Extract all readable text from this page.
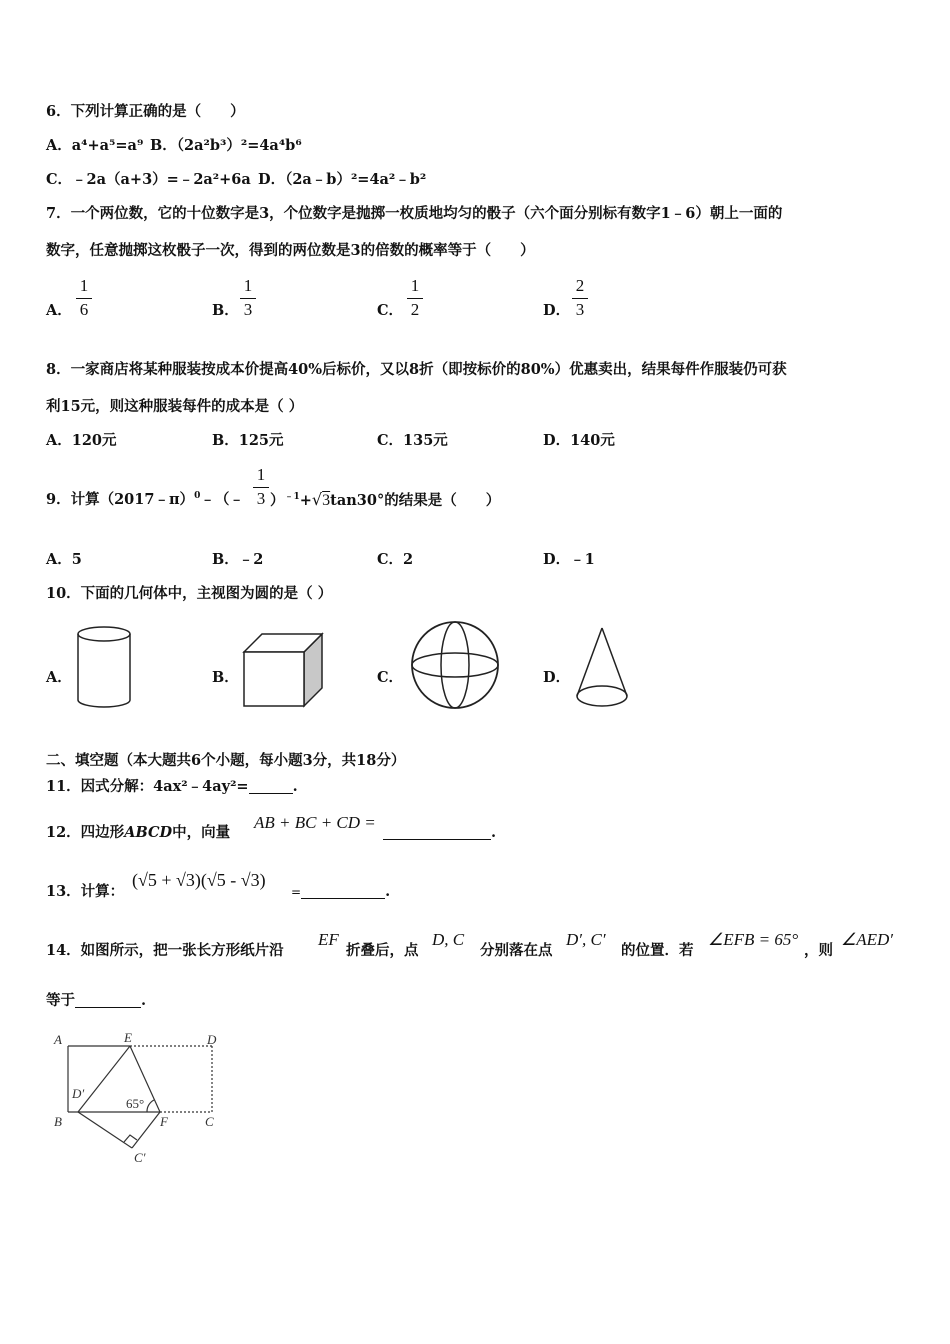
6．下列计算正确的是（　　）
A．a⁴+a⁵=a⁹ B．（2a²b³）²=4a⁴b⁶
C．﹣2a（a+3）=﹣2a²+6a D．（2a﹣b）²=4a²﹣b²
7．一个两位数，它的十位数字是3，个位数字是抛掷一枚质地均匀的骰子（六个面分别标有数字1﹣6）朝上一面的
数字，任意抛掷这枚骰子一次，得到的两位数是3的倍数的概率等于（　　）
A．
1
6	B．
1
3	C．
1
2	D．
2
3
8．一家商店将某种服装按成本价提高40%后标价，又以8折（即按标价的80%）优惠卖出，结果每件作服装仍可获
利15元，则这种服装每件的成本是（ ）
A．120元	B．125元	C．135元	D．140元
9．计算（2017﹣π）$^0$﹣（﹣
1
3 ）$^{﹣1}$+√3tan30°的结果是（　　）
A．5	B．﹣2	C．2	D．﹣1
10．下面的几何体中，主视图为圆的是（ ）
A．	B．	C．	D．
二、填空题（本大题共6个小题，每小题3分，共18分）
11．因式分解：4ax²﹣4ay²=	.
12．四边形ABCD中，向量
AB + BC + CD =
.
13．计算：
(√5 + √3)(√5 - √3)
=	.
14．如图所示，把一张长方形纸片沿
EF
折叠后，点
D, C
分别落在点
D′, C′
的位置．若
∠EFB = 65°
，则
∠AED′
等于	.
A	E	D
D′
B	F	C
C′
65°
